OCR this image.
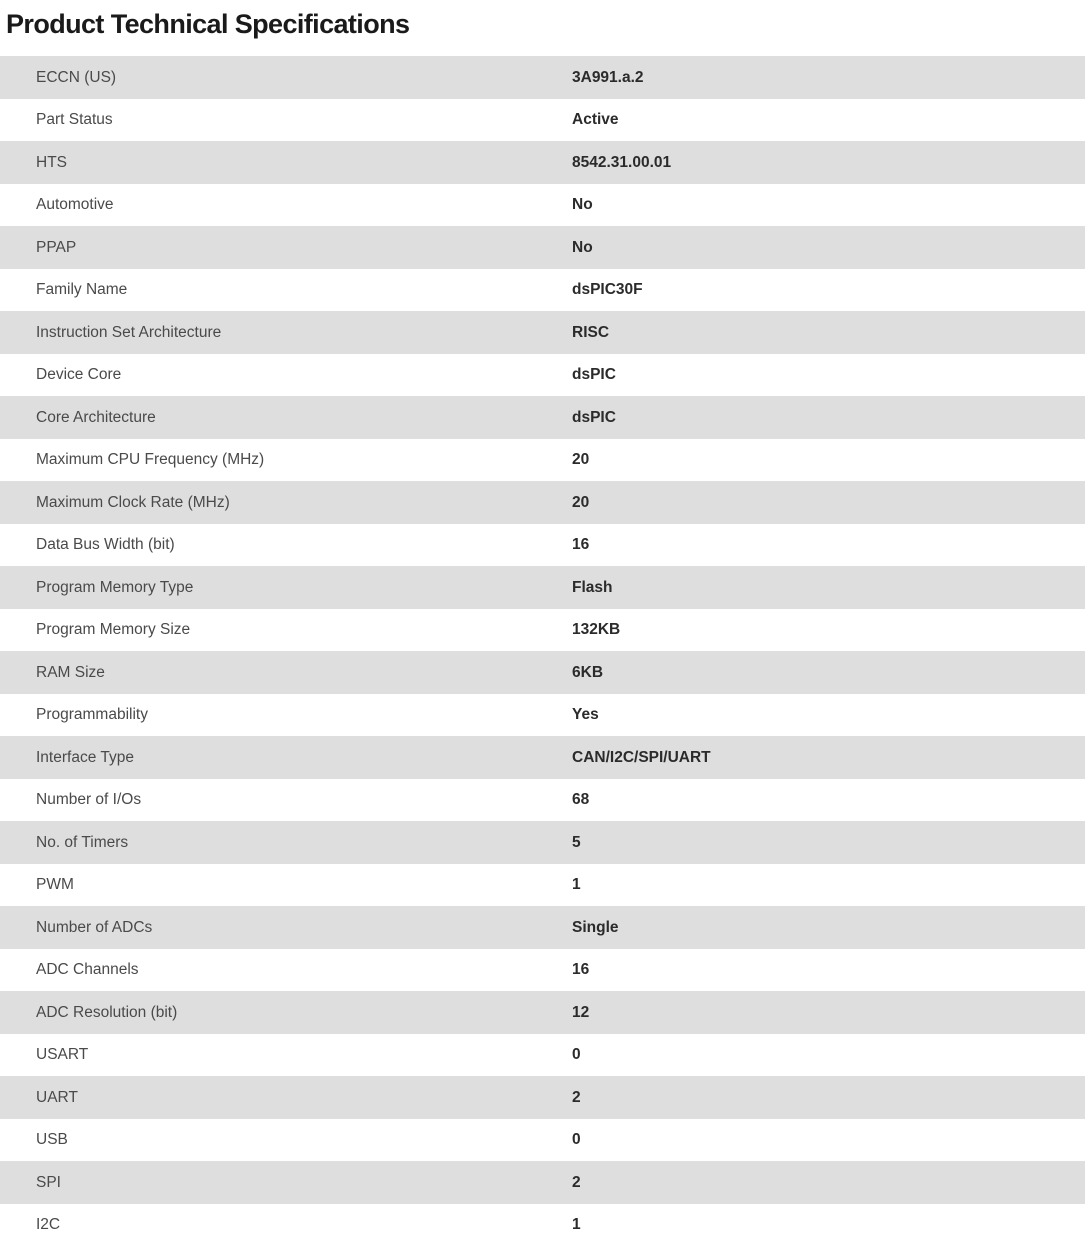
Product Technical Specifications
ECCN (US)	3A991.a.2
Part Status	Active
HTS	8542.31.00.01
Automotive	No
PPAP	No
Family Name	dsPIC30F
Instruction Set Architecture	RISC
Device Core	dsPIC
Core Architecture	dsPIC
Maximum CPU Frequency (MHz)	20
Maximum Clock Rate (MHz)	20
Data Bus Width (bit)	16
Program Memory Type	Flash
Program Memory Size	132KB
RAM Size	6KB
Programmability	Yes
Interface Type	CAN/I2C/SPI/UART
Number of I/Os	68
No. of Timers	5
PWM	1
Number of ADCs	Single
ADC Channels	16
ADC Resolution (bit)	12
USART	0
UART	2
USB	0
SPI	2
I2C	1
